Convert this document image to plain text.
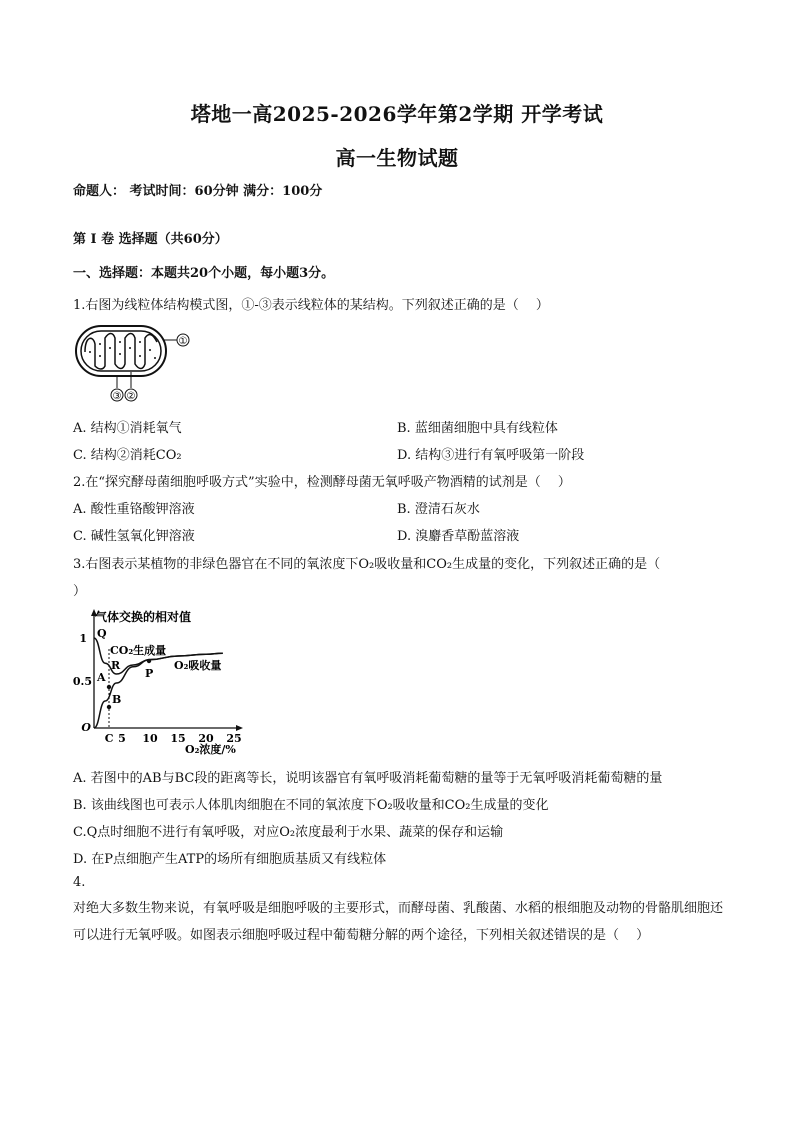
塔地一高2025-2026学年第2学期 开学考试
高一生物试题
命题人： 考试时间：60分钟 满分：100分
第 Ⅰ 卷 选择题（共60分）
一、选择题：本题共20个小题，每小题3分。
1.右图为线粒体结构模式图，①-③表示线粒体的某结构。下列叙述正确的是（　 ）
①
③ ②
A. 结构①消耗氧气	B. 蓝细菌细胞中具有线粒体
C. 结构②消耗CO₂	D. 结构③进行有氧呼吸第一阶段
2.在“探究酵母菌细胞呼吸方式”实验中，检测酵母菌无氧呼吸产物酒精的试剂是（　 ）
A. 酸性重铬酸钾溶液	B. 澄清石灰水
C. 碱性氢氧化钾溶液	D. 溴麝香草酚蓝溶液
3.右图表示某植物的非绿色器官在不同的氧浓度下O₂吸收量和CO₂生成量的变化，下列叙述正确的是（
）
气体交换的相对值
1
0.5
O
C 5 10 15 20 25
Q
R
A
B
P
CO₂生成量
O₂吸收量
O₂浓度/%
A. 若图中的AB与BC段的距离等长，说明该器官有氧呼吸消耗葡萄糖的量等于无氧呼吸消耗葡萄糖的量
B. 该曲线图也可表示人体肌肉细胞在不同的氧浓度下O₂吸收量和CO₂生成量的变化
C.Q点时细胞不进行有氧呼吸，对应O₂浓度最利于水果、蔬菜的保存和运输
D. 在P点细胞产生ATP的场所有细胞质基质又有线粒体
4.
对绝大多数生物来说，有氧呼吸是细胞呼吸的主要形式，而酵母菌、乳酸菌、水稻的根细胞及动物的骨骼肌细胞还可以进行无氧呼吸。如图表示细胞呼吸过程中葡萄糖分解的两个途径，下列相关叙述错误的是（　 ）
